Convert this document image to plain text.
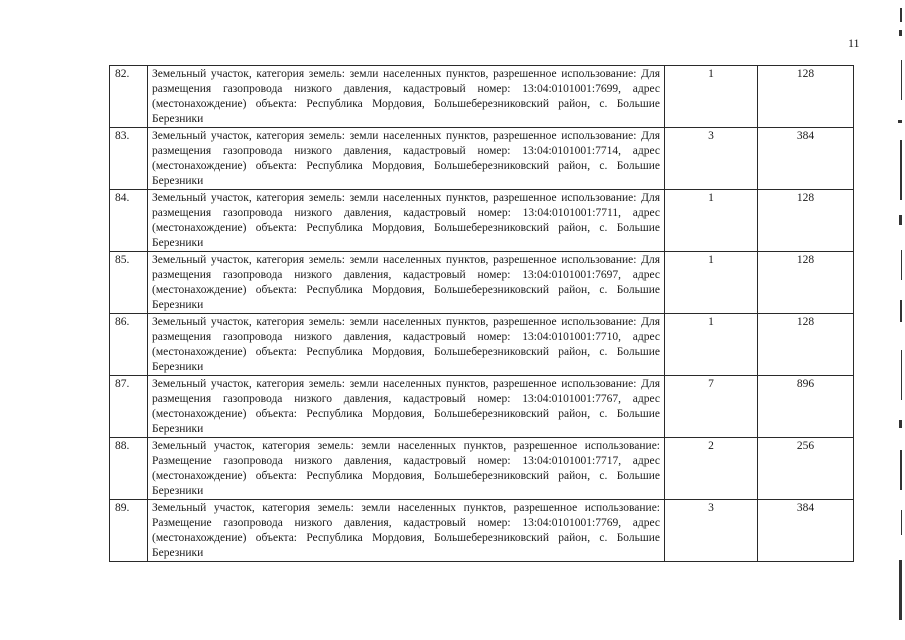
11
82.	Земельный участок, категория земель: земли населенных пунктов, разрешенное использование: Для размещения газопровода низкого давления, кадастровый номер: 13:04:0101001:7699, адрес (местонахождение) объекта: Республика Мордовия, Большеберезниковский район, с. Большие Березники	1	128
83.	Земельный участок, категория земель: земли населенных пунктов, разрешенное использование: Для размещения газопровода низкого давления, кадастровый номер: 13:04:0101001:7714, адрес (местонахождение) объекта: Республика Мордовия, Большеберезниковский район, с. Большие Березники	3	384
84.	Земельный участок, категория земель: земли населенных пунктов, разрешенное использование: Для размещения газопровода низкого давления, кадастровый номер: 13:04:0101001:7711, адрес (местонахождение) объекта: Республика Мордовия, Большеберезниковский район, с. Большие Березники	1	128
85.	Земельный участок, категория земель: земли населенных пунктов, разрешенное использование: Для размещения газопровода низкого давления, кадастровый номер: 13:04:0101001:7697, адрес (местонахождение) объекта: Республика Мордовия, Большеберезниковский район, с. Большие Березники	1	128
86.	Земельный участок, категория земель: земли населенных пунктов, разрешенное использование: Для размещения газопровода низкого давления, кадастровый номер: 13:04:0101001:7710, адрес (местонахождение) объекта: Республика Мордовия, Большеберезниковский район, с. Большие Березники	1	128
87.	Земельный участок, категория земель: земли населенных пунктов, разрешенное использование: Для размещения газопровода низкого давления, кадастровый номер: 13:04:0101001:7767, адрес (местонахождение) объекта: Республика Мордовия, Большеберезниковский район, с. Большие Березники	7	896
88.	Земельный участок, категория земель: земли населенных пунктов, разрешенное использование: Размещение газопровода низкого давления, кадастровый номер: 13:04:0101001:7717, адрес (местонахождение) объекта: Республика Мордовия, Большеберезниковский район, с. Большие Березники	2	256
89.	Земельный участок, категория земель: земли населенных пунктов, разрешенное использование: Размещение газопровода низкого давления, кадастровый номер: 13:04:0101001:7769, адрес (местонахождение) объекта: Республика Мордовия, Большеберезниковский район, с. Большие Березники	3	384
